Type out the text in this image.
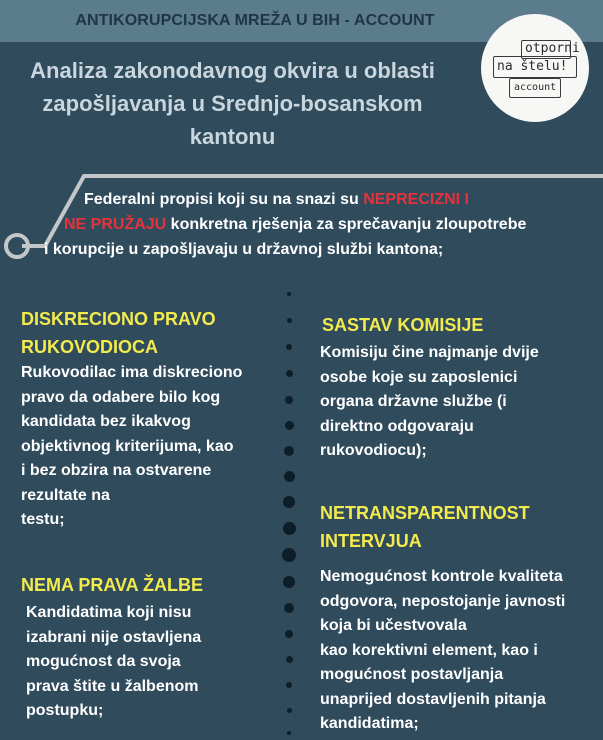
ANTIKORUPCIJSKA MREŽA U BIH - ACCOUNT
Analiza zakonodavnog okvira u oblasti
zapošljavanja u Srednjo-bosanskom
kantonu
otporni
na štelu!
account
Federalni propisi koji su na snazi su NEPRECIZNI I
NE PRUŽAJU konkretna rješenja za sprečavanju zloupotrebe
i korupcije u zapošljavaju u državnoj službi kantona;
DISKRECIONO PRAVO
RUKOVODIOCA
Rukovodilac ima diskreciono
pravo da odabere bilo kog
kandidata bez ikakvog
objektivnog kriterijuma, kao
i bez obzira na ostvarene
rezultate na
testu;
NEMA PRAVA ŽALBE
Kandidatima koji nisu
izabrani nije ostavljena
mogućnost da svoja
prava štite u žalbenom
postupku;
SASTAV KOMISIJE
Komisiju čine najmanje dvije
osobe koje su zaposlenici
organa državne službe (i
direktno odgovaraju
rukovodiocu);
NETRANSPARENTNOST
INTERVJUA
Nemogućnost kontrole kvaliteta
odgovora, nepostojanje javnosti
koja bi učestvovala
kao korektivni element, kao i
mogućnost postavljanja
unaprijed dostavljenih pitanja
kandidatima;
